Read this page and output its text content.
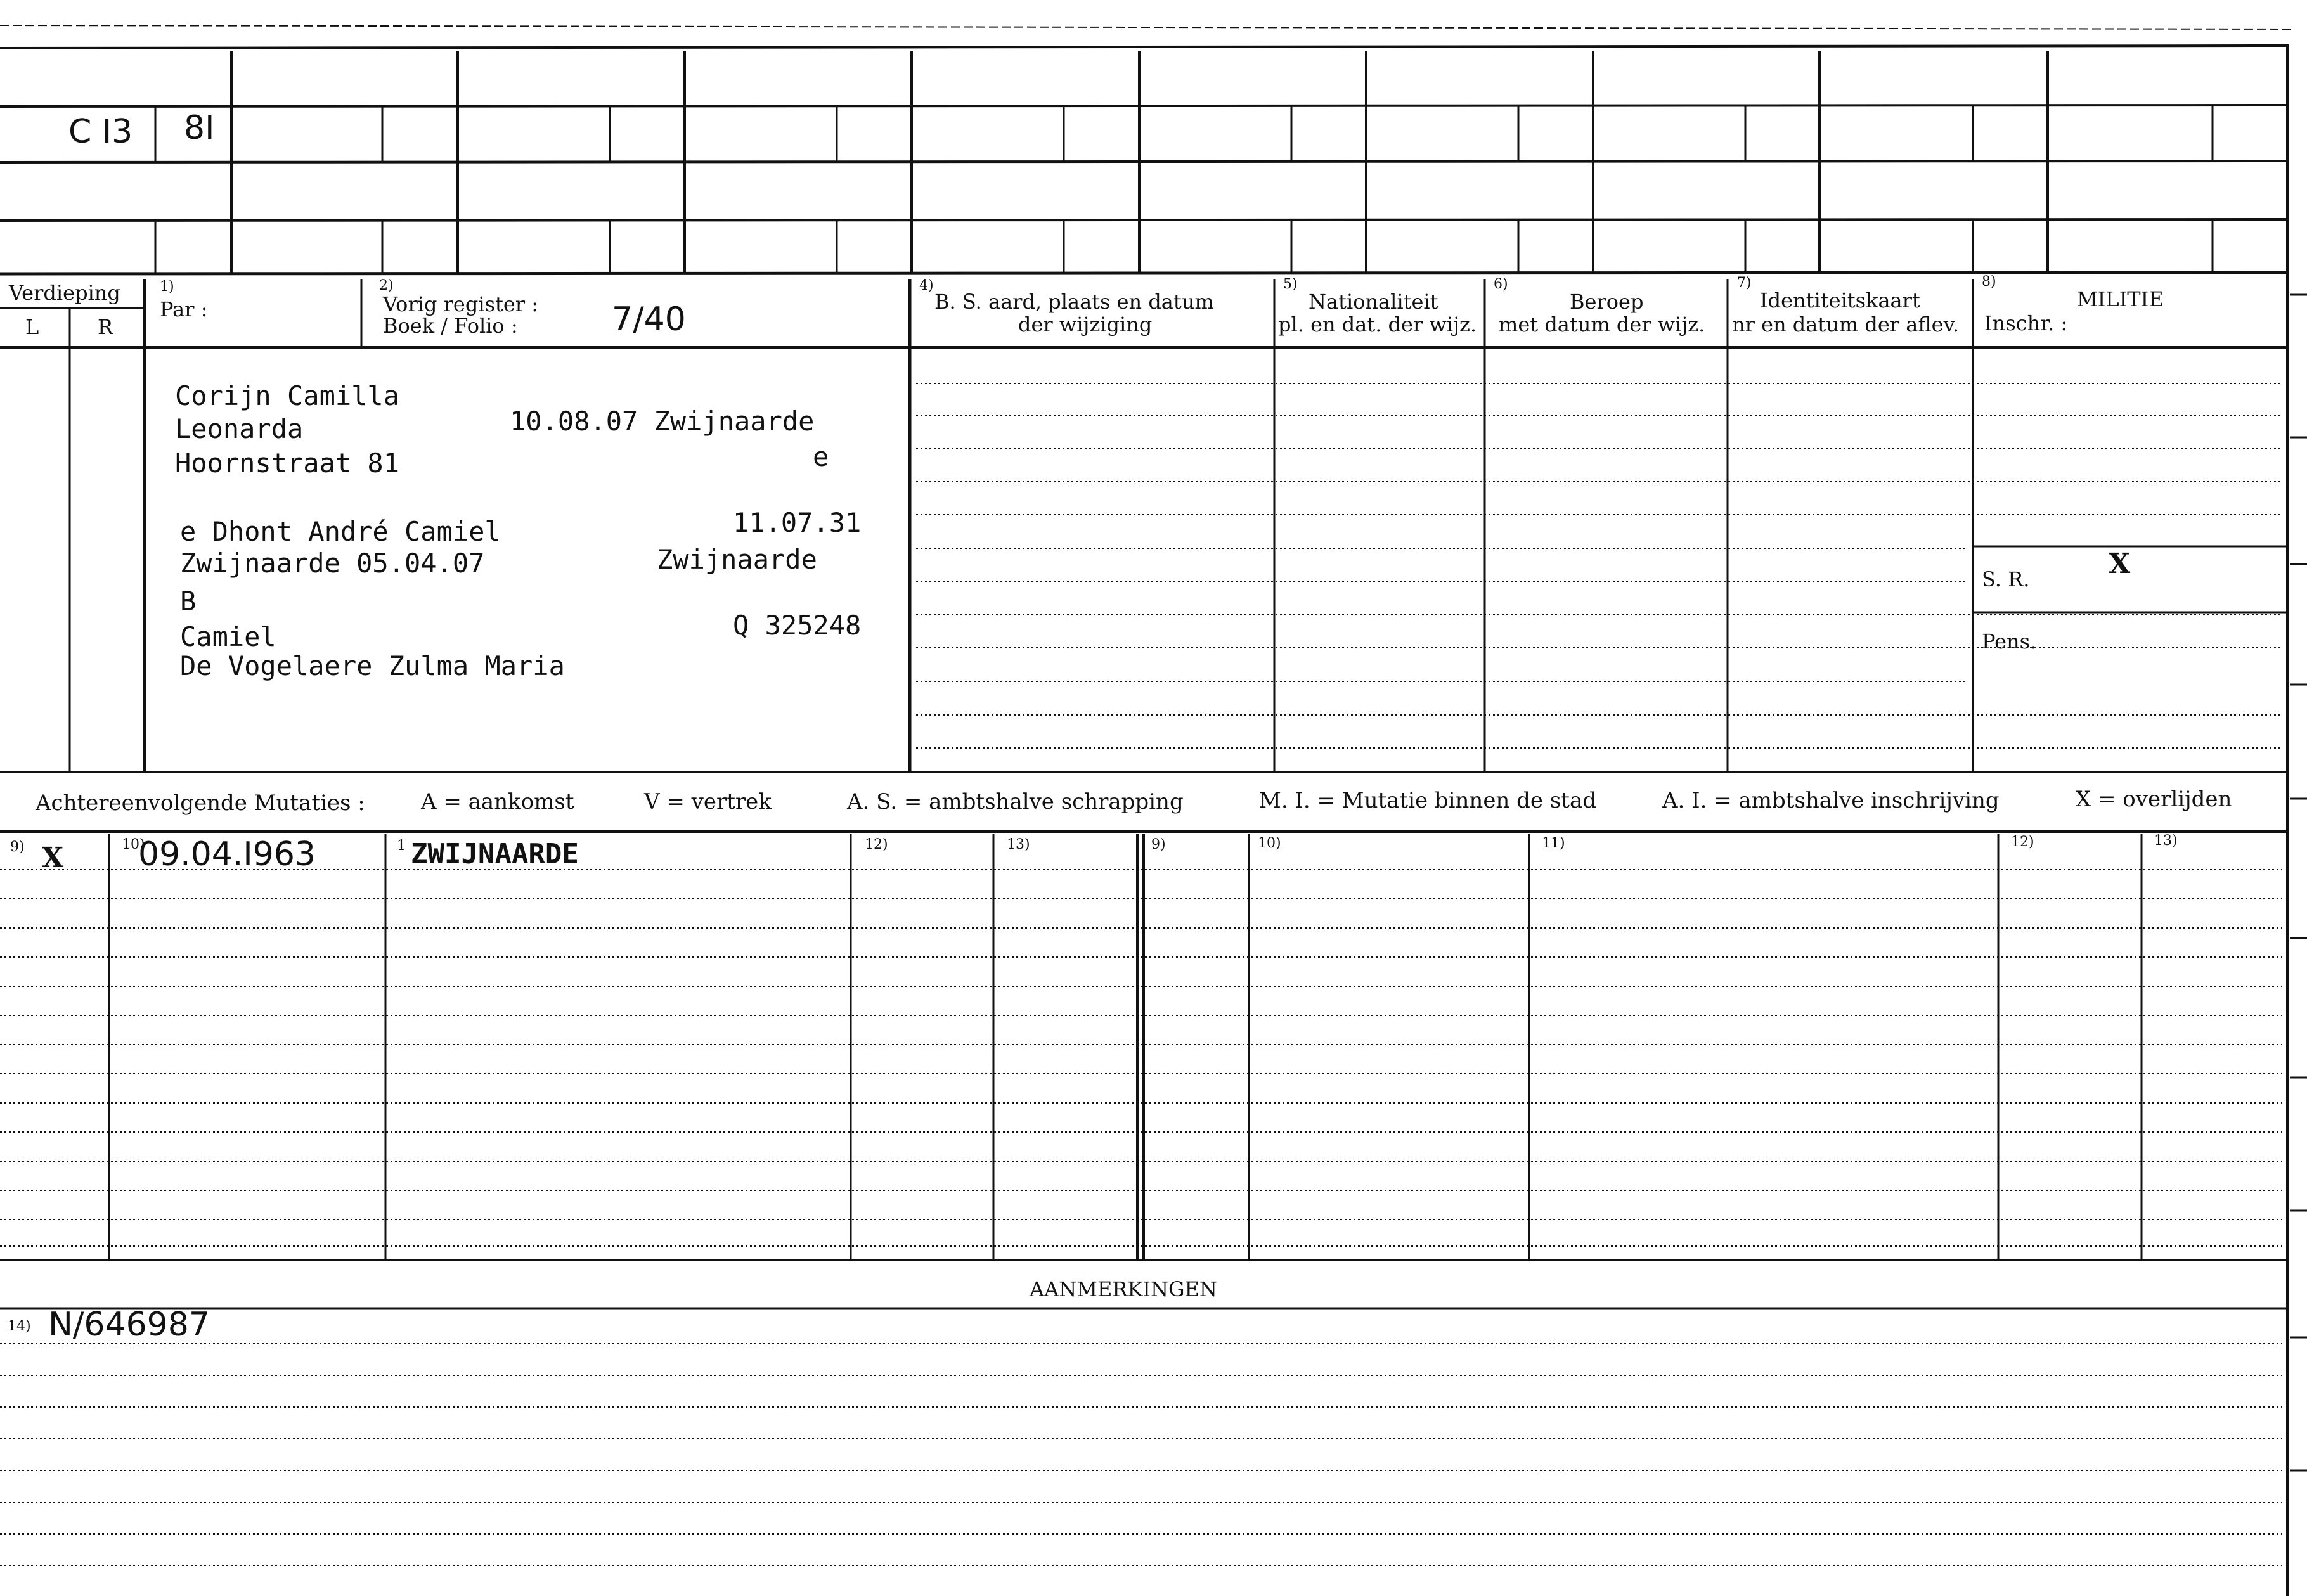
C I3 8I
Verdieping
L	R
1)
Par :
2)
Vorig register :
Boek / Folio :	7/40
4)
B. S. aard, plaats en datum
der wijziging
5)
Nationaliteit
pl. en dat. der wijz.
6)
Beroep
met datum der wijz.
7)
Identiteitskaart
nr en datum der aflev.
8)
MILITIE
Inschr. :
S. R.	X
Pens.
Corijn Camilla
Leonarda	10.08.07 Zwijnaarde
Hoornstraat 81	e
e Dhont André Camiel	11.07.31
Zwijnaarde 05.04.07	Zwijnaarde
B
Camiel	Q 325248
De Vogelaere Zulma Maria
Achtereenvolgende Mutaties :	A = aankomst	V = vertrek	A. S. = ambtshalve schrapping	M. I. = Mutatie binnen de stad	A. I. = ambtshalve inschrijving	X = overlijden
9)	10)	1	12)	13)	9)	10)	11)	12)	13)
X 09.04.I963	ZWIJNAARDE
AANMERKINGEN
14) N/646987
